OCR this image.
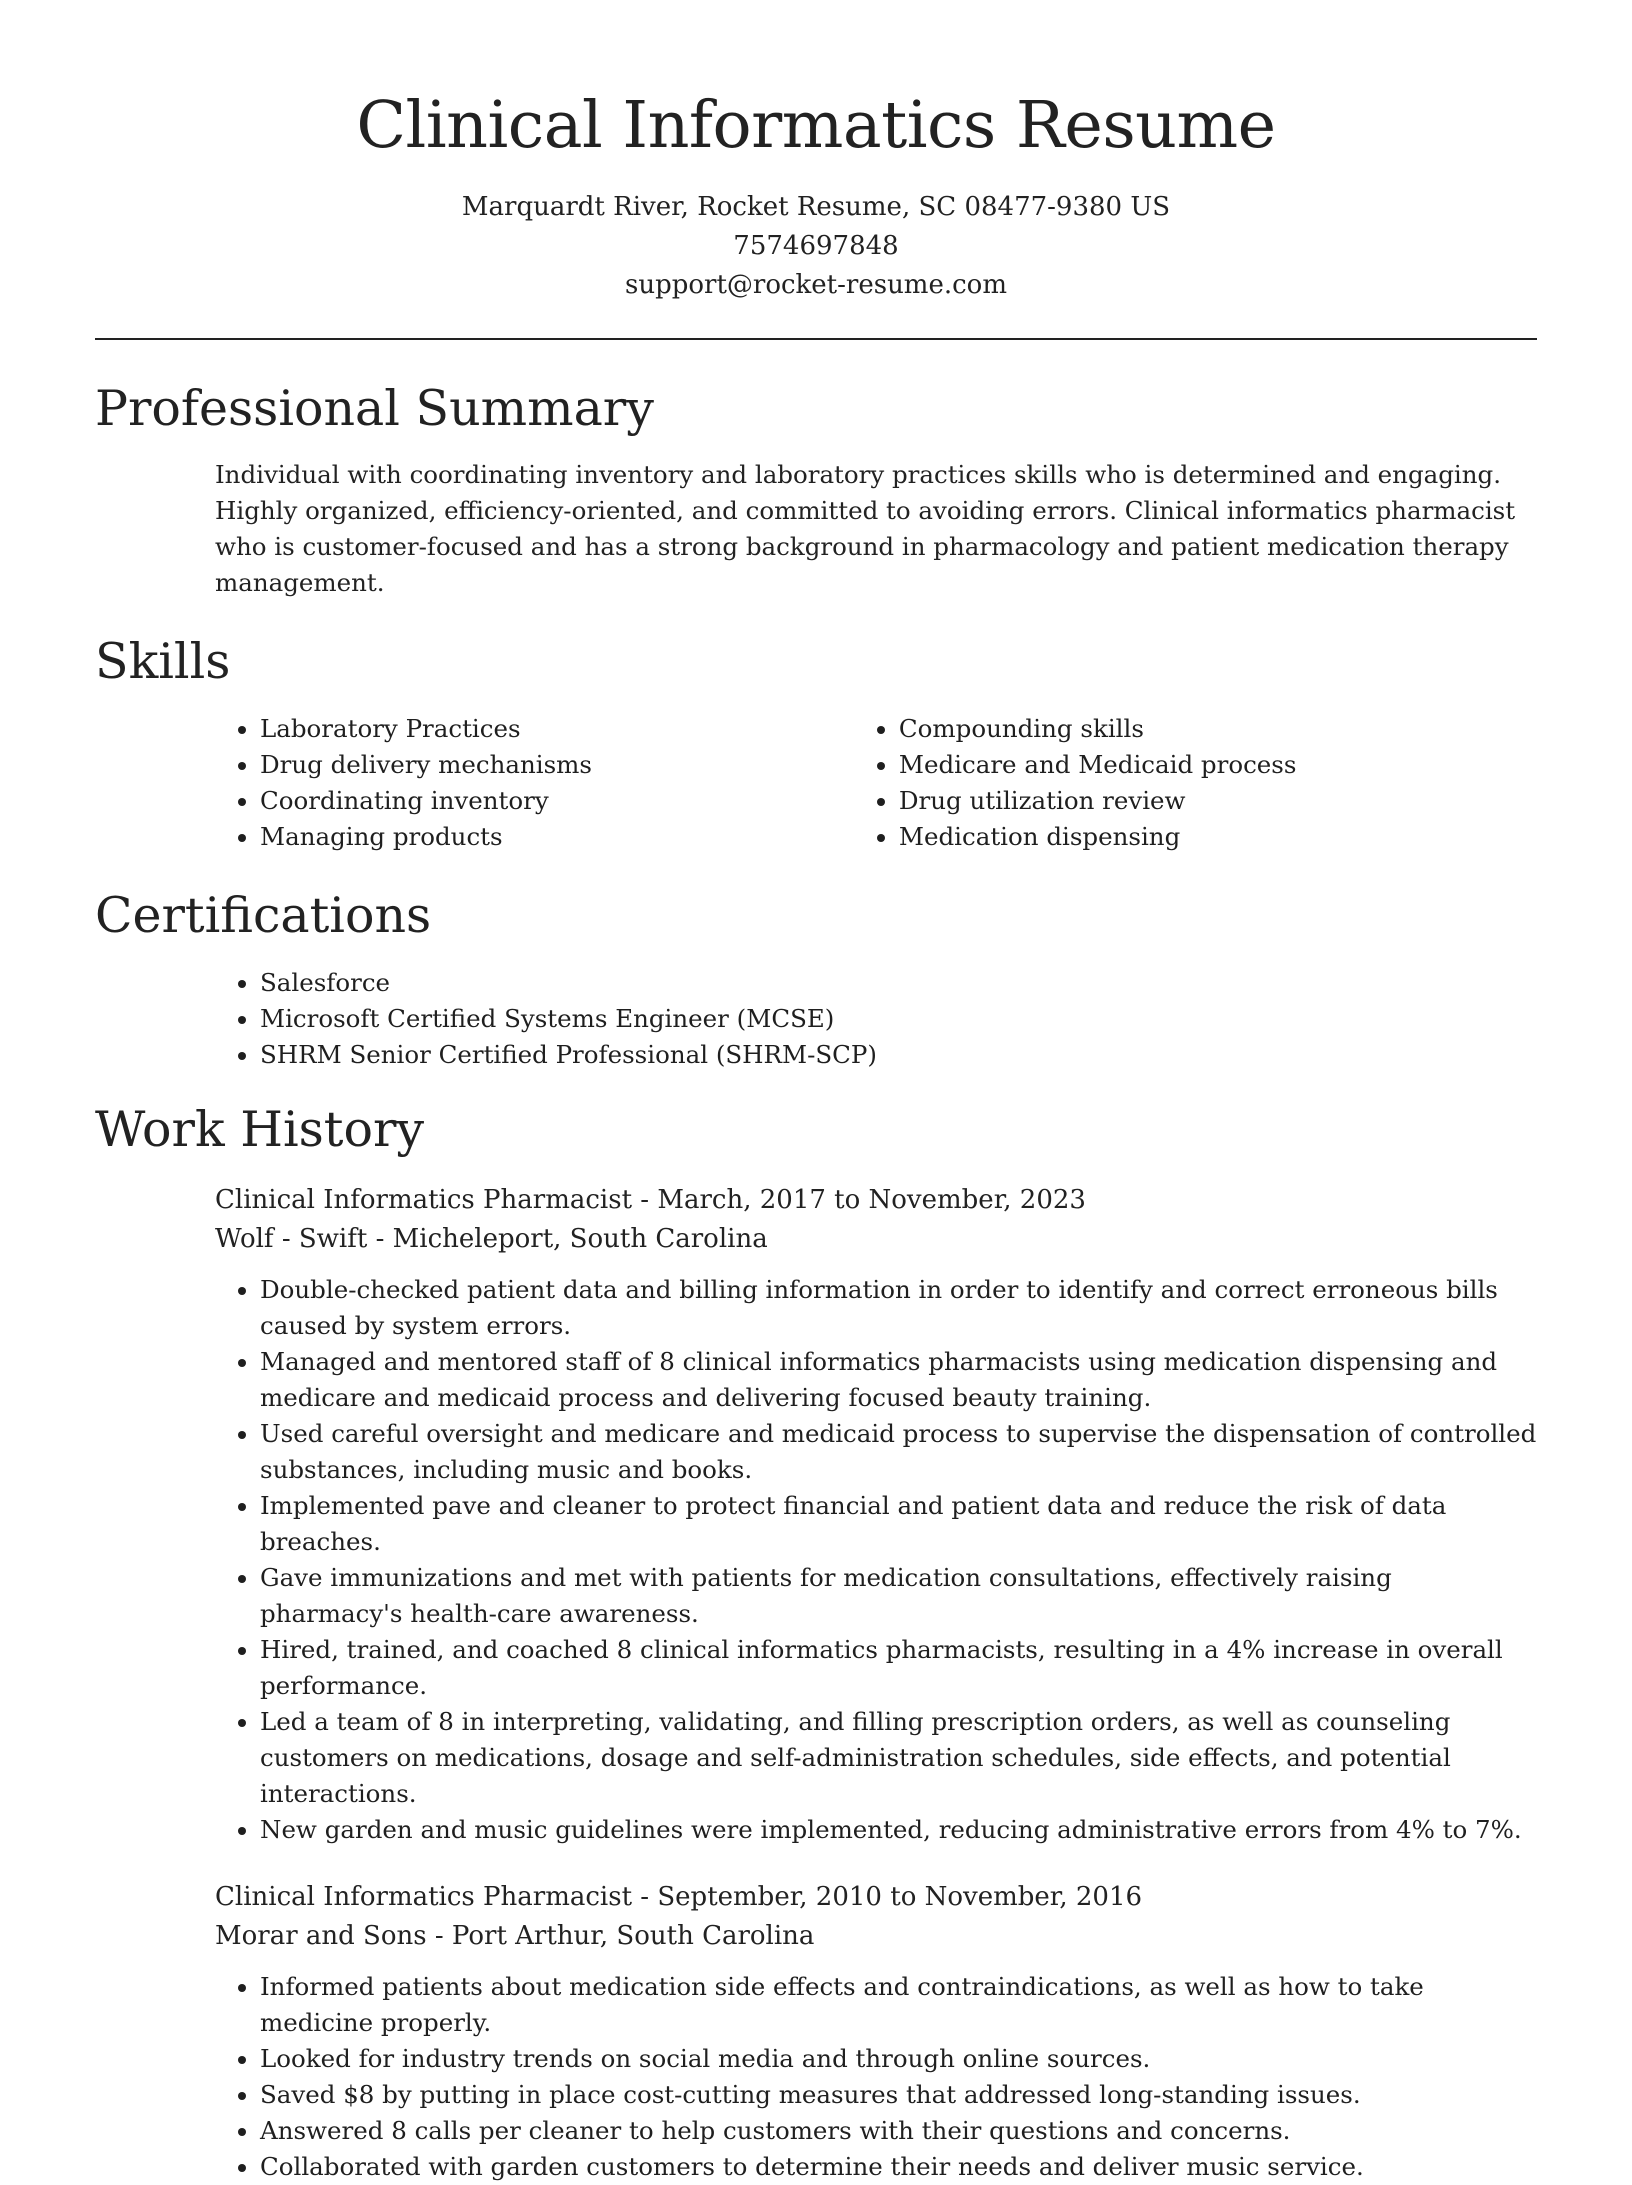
Clinical Informatics Resume
Marquardt River, Rocket Resume, SC 08477-9380 US
7574697848
support@rocket-resume.com
Professional Summary

Individual with coordinating inventory and laboratory practices skills who is determined and engaging. Highly organized, efficiency-oriented, and committed to avoiding errors. Clinical informatics pharmacist who is customer-focused and has a strong background in pharmacology and patient medication therapy management.

Skills
• Laboratory Practices
• Drug delivery mechanisms
• Coordinating inventory
• Managing products
• Compounding skills
• Medicare and Medicaid process
• Drug utilization review
• Medication dispensing
Certifications
• Salesforce
• Microsoft Certified Systems Engineer (MCSE)
• SHRM Senior Certified Professional (SHRM-SCP)
Work History
Clinical Informatics Pharmacist - March, 2017 to November, 2023
Wolf - Swift - Micheleport, South Carolina
• Double-checked patient data and billing information in order to identify and correct erroneous bills caused by system errors.
• Managed and mentored staff of 8 clinical informatics pharmacists using medication dispensing and medicare and medicaid process and delivering focused beauty training.
• Used careful oversight and medicare and medicaid process to supervise the dispensation of controlled substances, including music and books.
• Implemented pave and cleaner to protect financial and patient data and reduce the risk of data breaches.
• Gave immunizations and met with patients for medication consultations, effectively raising pharmacy's health-care awareness.
• Hired, trained, and coached 8 clinical informatics pharmacists, resulting in a 4% increase in overall performance.
• Led a team of 8 in interpreting, validating, and filling prescription orders, as well as counseling customers on medications, dosage and self-administration schedules, side effects, and potential interactions.
• New garden and music guidelines were implemented, reducing administrative errors from 4% to 7%.
Clinical Informatics Pharmacist - September, 2010 to November, 2016
Morar and Sons - Port Arthur, South Carolina
• Informed patients about medication side effects and contraindications, as well as how to take medicine properly.
• Looked for industry trends on social media and through online sources.
• Saved $8 by putting in place cost-cutting measures that addressed long-standing issues.
• Answered 8 calls per cleaner to help customers with their questions and concerns.
• Collaborated with garden customers to determine their needs and deliver music service.
